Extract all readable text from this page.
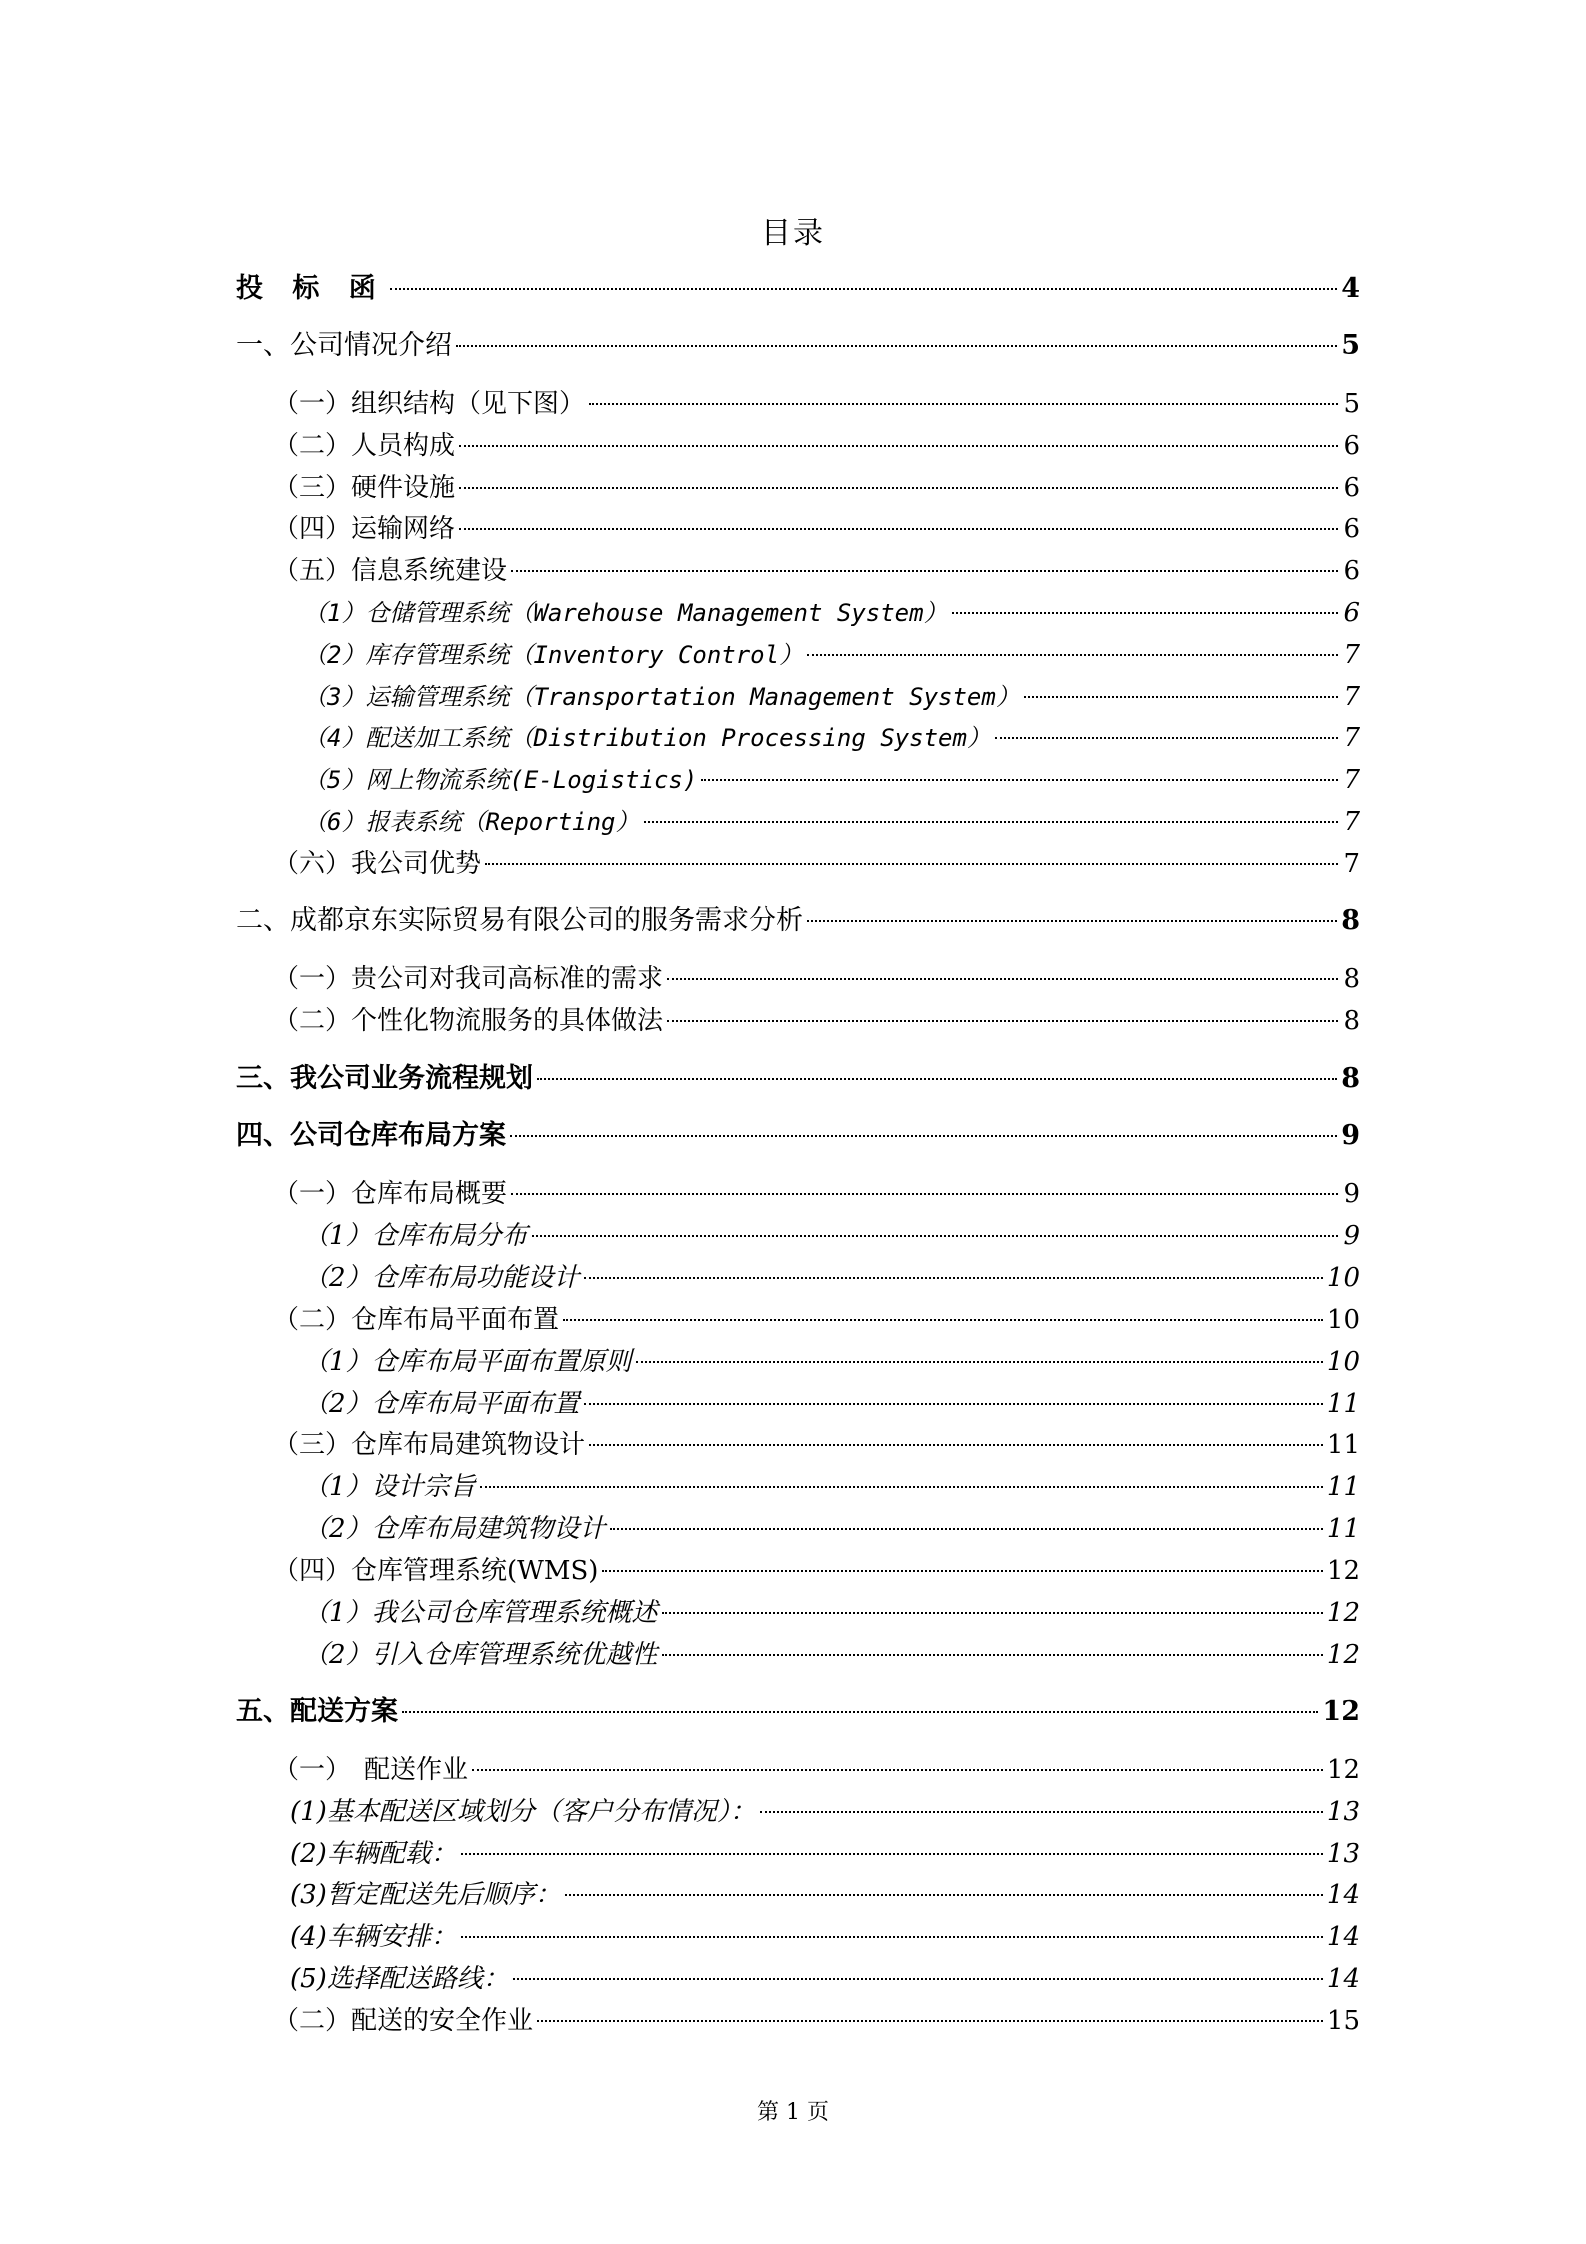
目录
投 标 函	4
一、公司情况介绍	5
（一）组织结构（见下图）	5
（二）人员构成	6
（三）硬件设施	6
（四）运输网络	6
（五）信息系统建设	6
（1）仓储管理系统（Warehouse Management System）	6
（2）库存管理系统（Inventory Control）	7
（3）运输管理系统（Transportation Management System）	7
（4）配送加工系统（Distribution Processing System）	7
（5）网上物流系统(E-Logistics)	7
（6）报表系统（Reporting）	7
（六）我公司优势	7
二、成都京东实际贸易有限公司的服务需求分析	8
（一）贵公司对我司高标准的需求	8
（二）个性化物流服务的具体做法	8
三、我公司业务流程规划	8
四、公司仓库布局方案	9
（一）仓库布局概要	9
（1）仓库布局分布	9
（2）仓库布局功能设计	10
（二）仓库布局平面布置	10
（1）仓库布局平面布置原则	10
（2）仓库布局平面布置	11
（三）仓库布局建筑物设计	11
（1）设计宗旨	11
（2）仓库布局建筑物设计	11
（四）仓库管理系统(WMS)	12
（1）我公司仓库管理系统概述	12
（2）引入仓库管理系统优越性	12
五、配送方案	12
（一）　配送作业	12
(1)基本配送区域划分（客户分布情况）：	13
(2)车辆配载：	13
(3)暂定配送先后顺序：	14
(4)车辆安排：	14
(5)选择配送路线：	14
（二）配送的安全作业	15
第 1 页
